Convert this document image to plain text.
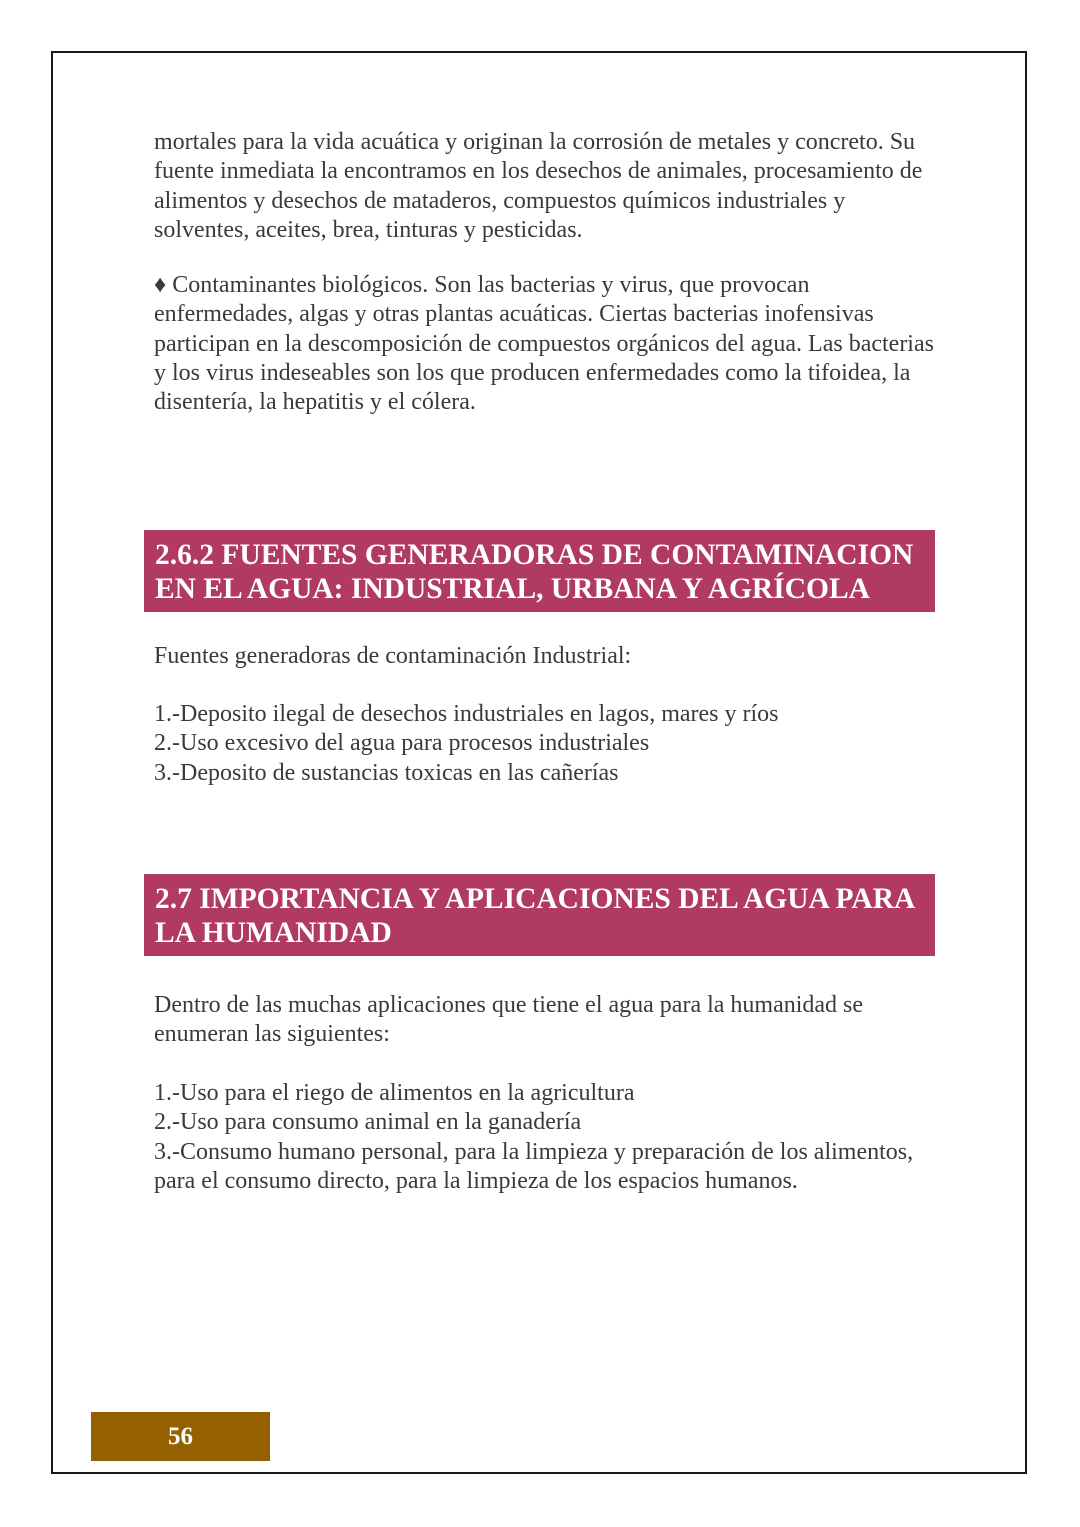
mortales para la vida acuática y originan la corrosión de metales y concreto. Su fuente inmediata la encontramos en los desechos de animales, procesamiento de alimentos y desechos de mataderos, compuestos químicos industriales y solventes, aceites, brea, tinturas y pesticidas.

♦ Contaminantes biológicos. Son las bacterias y virus, que provocan enfermedades, algas y otras plantas acuáticas. Ciertas bacterias inofensivas participan en la descomposición de compuestos orgánicos del agua. Las bacterias y los virus indeseables son los que producen enfermedades como la tifoidea, la disentería, la hepatitis y el cólera.

2.6.2 FUENTES GENERADORAS DE CONTAMINACION EN EL AGUA: INDUSTRIAL, URBANA Y AGRÍCOLA

Fuentes generadoras de contaminación Industrial:

1.-Deposito ilegal de desechos industriales en lagos, mares y ríos
2.-Uso excesivo del agua para procesos industriales
3.-Deposito de sustancias toxicas en las cañerías
2.7 IMPORTANCIA Y APLICACIONES DEL AGUA PARA LA HUMANIDAD

Dentro de las muchas aplicaciones que tiene el agua para la humanidad se enumeran las siguientes:

1.-Uso para el riego de alimentos en la agricultura
2.-Uso para consumo animal en la ganadería
3.-Consumo humano personal, para la limpieza y preparación de los alimentos, para el consumo directo, para la limpieza de los espacios humanos.
56
